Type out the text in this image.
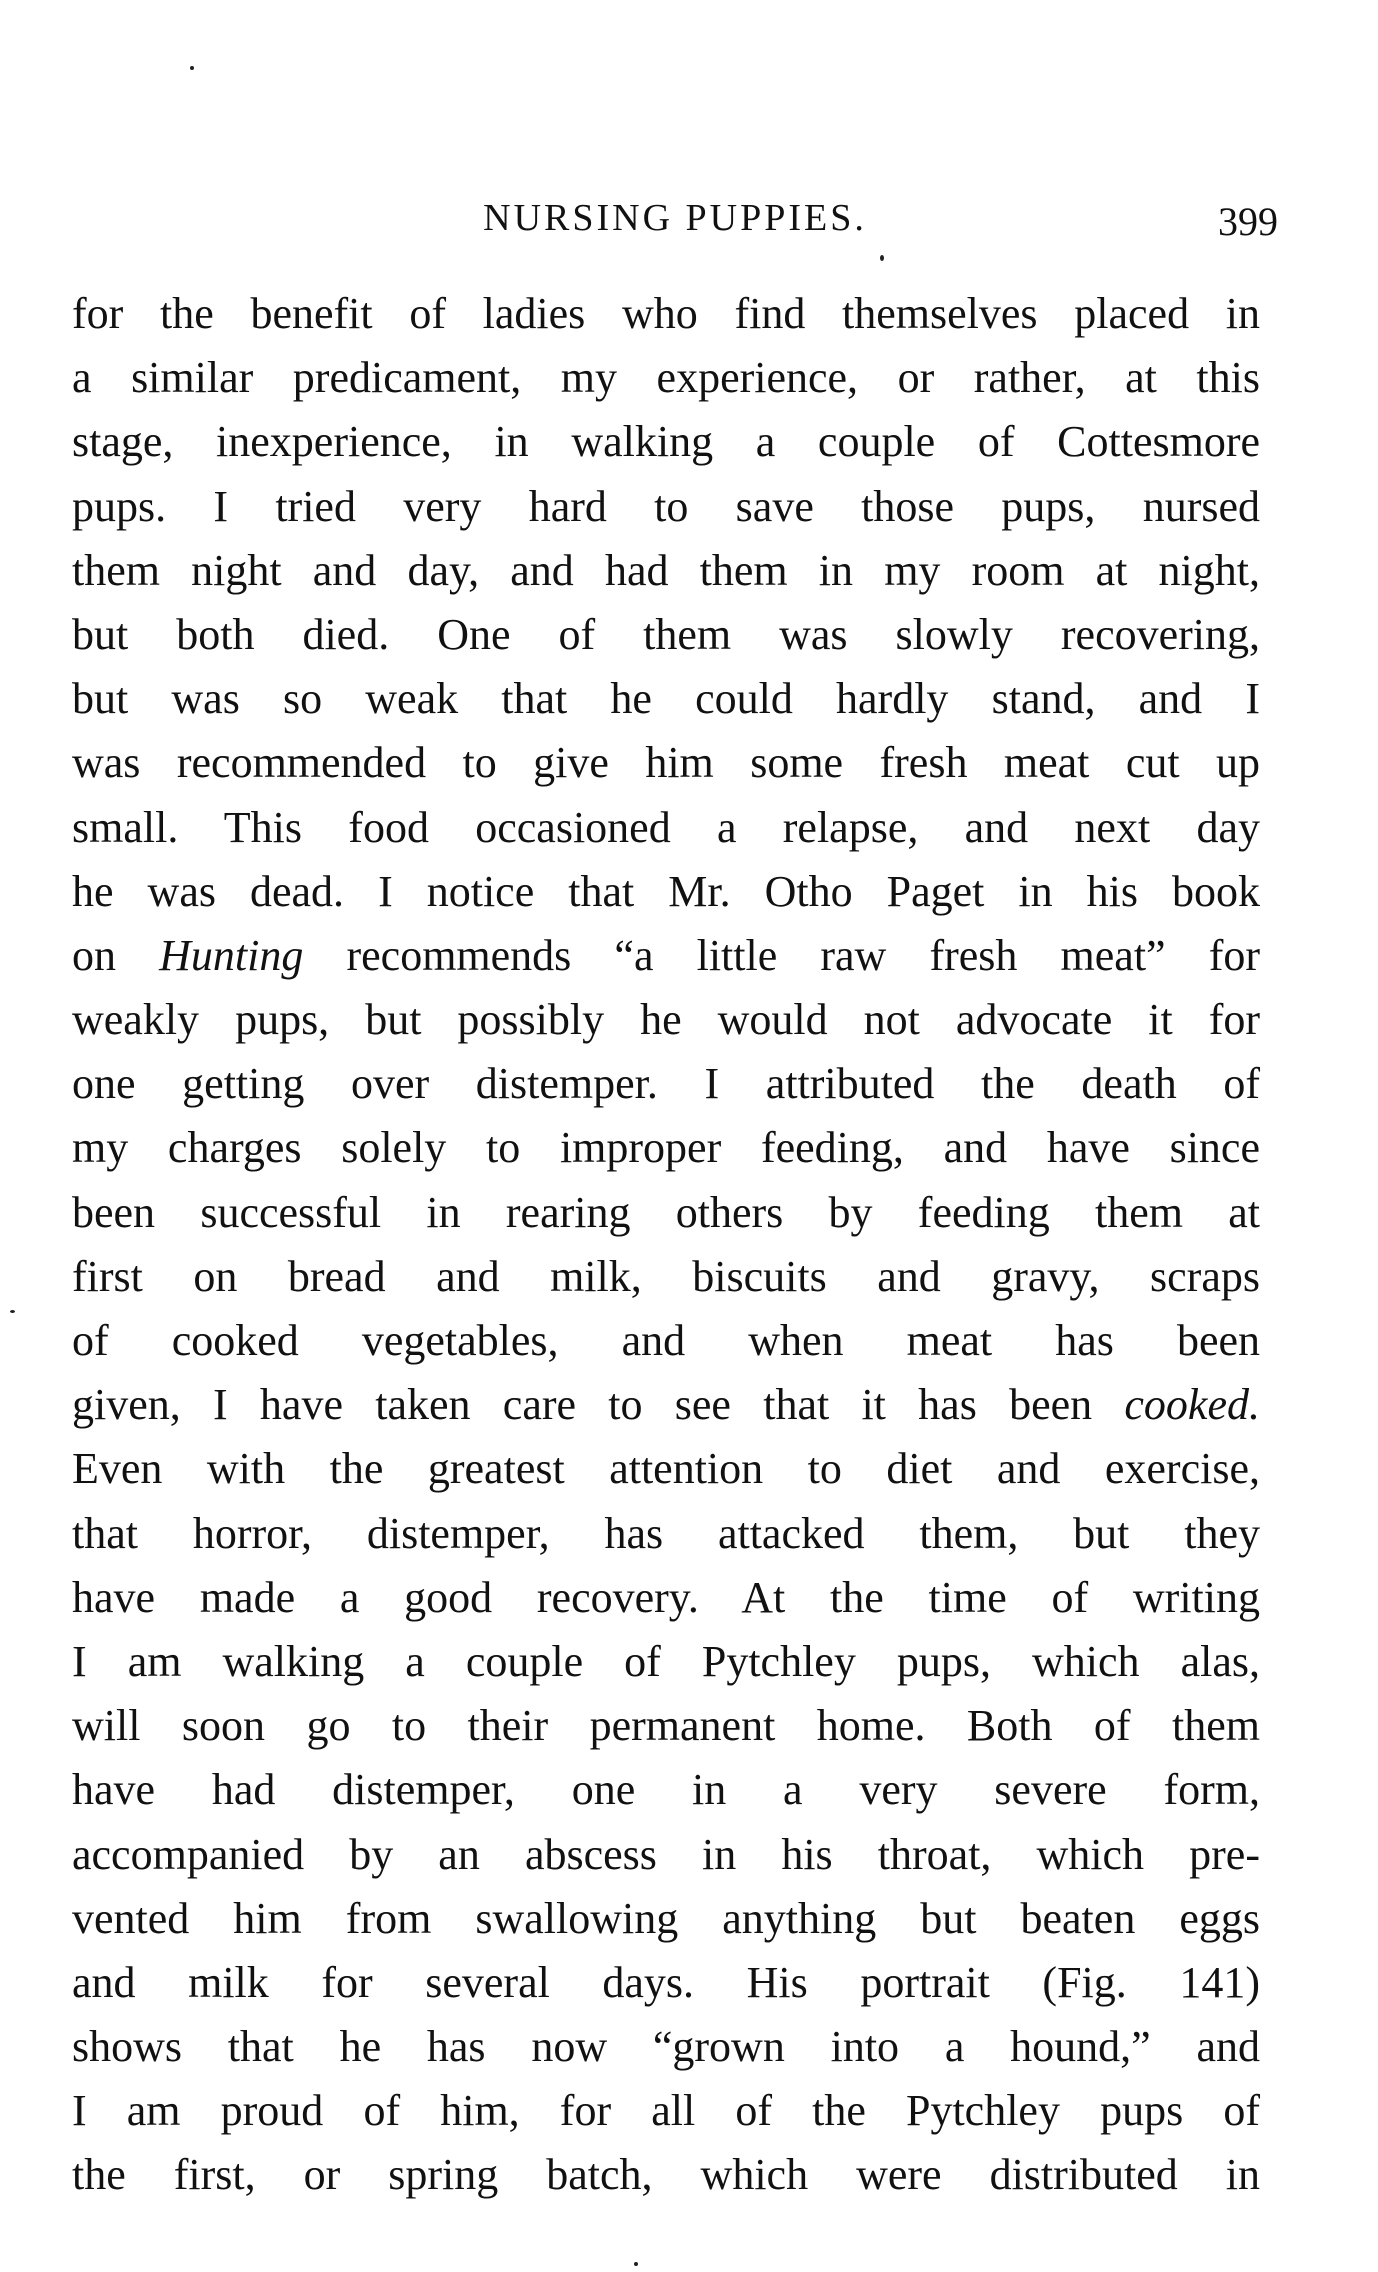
NURSING PUPPIES.	399
for the benefit of ladies who find themselves placed in
a similar predicament, my experience, or rather, at this
stage, inexperience, in walking a couple of Cottesmore
pups. I tried very hard to save those pups, nursed
them night and day, and had them in my room at night,
but both died. One of them was slowly recovering,
but was so weak that he could hardly stand, and I
was recommended to give him some fresh meat cut up
small. This food occasioned a relapse, and next day
he was dead. I notice that Mr. Otho Paget in his book
on Hunting recommends “a little raw fresh meat” for
weakly pups, but possibly he would not advocate it for
one getting over distemper. I attributed the death of
my charges solely to improper feeding, and have since
been successful in rearing others by feeding them at
first on bread and milk, biscuits and gravy, scraps
of cooked vegetables, and when meat has been
given, I have taken care to see that it has been cooked.
Even with the greatest attention to diet and exercise,
that horror, distemper, has attacked them, but they
have made a good recovery. At the time of writing
I am walking a couple of Pytchley pups, which alas,
will soon go to their permanent home. Both of them
have had distemper, one in a very severe form,
accompanied by an abscess in his throat, which pre-
vented him from swallowing anything but beaten eggs
and milk for several days. His portrait (Fig. 141)
shows that he has now “grown into a hound,” and
I am proud of him, for all of the Pytchley pups of
the first, or spring batch, which were distributed in
